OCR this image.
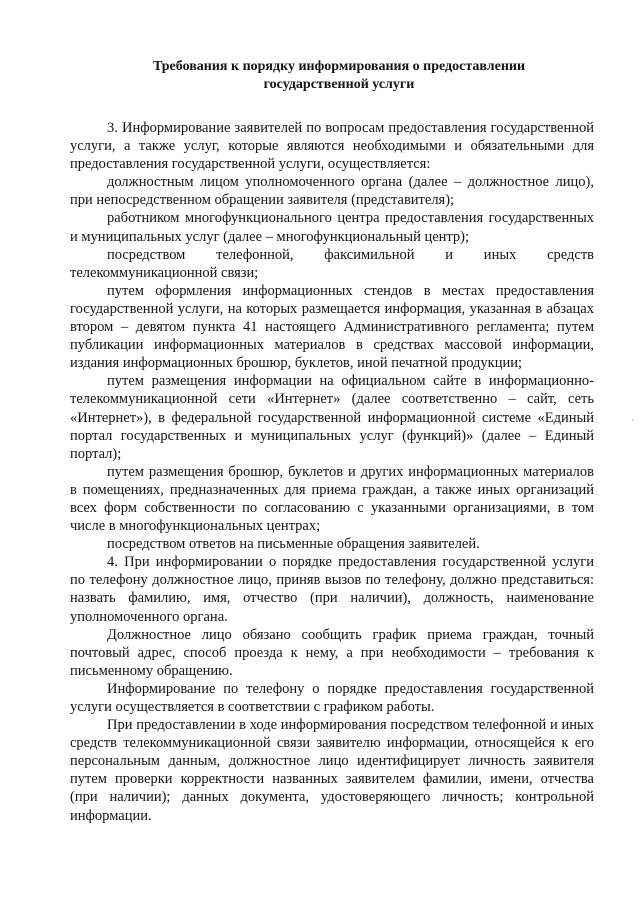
Требования к порядку информирования о предоставлении
государственной услуги

3. Информирование заявителей по вопросам предоставления государственной услуги, а также услуг, которые являются необходимыми и обязательными для предоставления государственной услуги, осуществляется:

должностным лицом уполномоченного органа (далее – должностное лицо), при непосредственном обращении заявителя (представителя);

работником многофункционального центра предоставления государственных и муниципальных услуг (далее – многофункциональный центр);

посредством телефонной, факсимильной и иных средств телекоммуникационной связи;

путем оформления информационных стендов в местах предоставления государственной услуги, на которых размещается информация, указанная в абзацах втором – девятом пункта 41 настоящего Административного регламента; путем публикации информационных материалов в средствах массовой информации, издания информационных брошюр, буклетов, иной печатной продукции;

путем размещения информации на официальном сайте в информационно-телекоммуникационной сети «Интернет» (далее соответственно – сайт, сеть «Интернет»), в федеральной государственной информационной системе «Единый портал государственных и муниципальных услуг (функций)» (далее – Единый портал);

путем размещения брошюр, буклетов и других информационных материалов в помещениях, предназначенных для приема граждан, а также иных организаций всех форм собственности по согласованию с указанными организациями, в том числе в многофункциональных центрах;

посредством ответов на письменные обращения заявителей.

4. При информировании о порядке предоставления государственной услуги по телефону должностное лицо, приняв вызов по телефону, должно представиться: назвать фамилию, имя, отчество (при наличии), должность, наименование уполномоченного органа.

Должностное лицо обязано сообщить график приема граждан, точный почтовый адрес, способ проезда к нему, а при необходимости – требования к письменному обращению.

Информирование по телефону о порядке предоставления государственной услуги осуществляется в соответствии с графиком работы.

При предоставлении в ходе информирования посредством телефонной и иных средств телекоммуникационной связи заявителю информации, относящейся к его персональным данным, должностное лицо идентифицирует личность заявителя путем проверки корректности названных заявителем фамилии, имени, отчества (при наличии); данных документа, удостоверяющего личность; контрольной информации.
